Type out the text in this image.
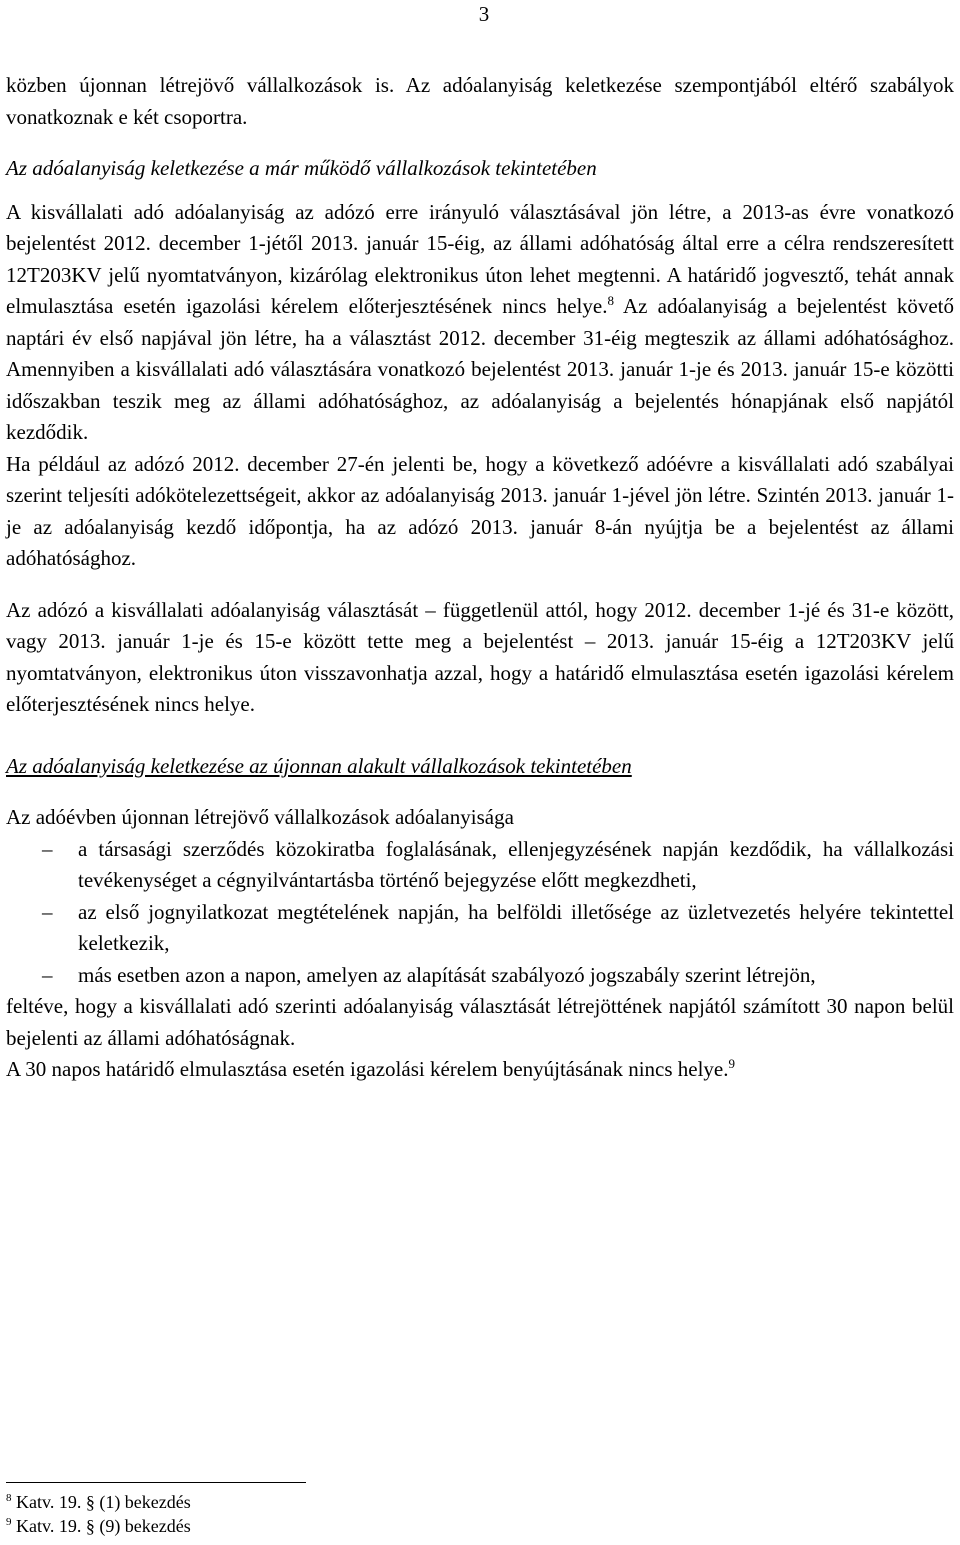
3

közben újonnan létrejövő vállalkozások is. Az adóalanyiság keletkezése szempontjából eltérő szabályok vonatkoznak e két csoportra.

Az adóalanyiság keletkezése a már működő vállalkozások tekintetében

A kisvállalati adó adóalanyiság az adózó erre irányuló választásával jön létre, a 2013-as évre vonatkozó bejelentést 2012. december 1-jétől 2013. január 15-éig, az állami adóhatóság által erre a célra rendszeresített 12T203KV jelű nyomtatványon, kizárólag elektronikus úton lehet megtenni. A határidő jogvesztő, tehát annak elmulasztása esetén igazolási kérelem előterjesztésének nincs helye.$^8$ Az adóalanyiság a bejelentést követő naptári év első napjával jön létre, ha a választást 2012. december 31-éig megteszik az állami adóhatósághoz. Amennyiben a kisvállalati adó választására vonatkozó bejelentést 2013. január 1-je és 2013. január 15-e közötti időszakban teszik meg az állami adóhatósághoz, az adóalanyiság a bejelentés hónapjának első napjától kezdődik.

Ha például az adózó 2012. december 27-én jelenti be, hogy a következő adóévre a kisvállalati adó szabályai szerint teljesíti adókötelezettségeit, akkor az adóalanyiság 2013. január 1-jével jön létre. Szintén 2013. január 1-je az adóalanyiság kezdő időpontja, ha az adózó 2013. január 8-án nyújtja be a bejelentést az állami adóhatósághoz.

Az adózó a kisvállalati adóalanyiság választását – függetlenül attól, hogy 2012. december 1-jé és 31-e között, vagy 2013. január 1-je és 15-e között tette meg a bejelentést – 2013. január 15-éig a 12T203KV jelű nyomtatványon, elektronikus úton visszavonhatja azzal, hogy a határidő elmulasztása esetén igazolási kérelem előterjesztésének nincs helye.

Az adóalanyiság keletkezése az újonnan alakult vállalkozások tekintetében

Az adóévben újonnan létrejövő vállalkozások adóalanyisága

– a társasági szerződés közokiratba foglalásának, ellenjegyzésének napján kezdődik, ha vállalkozási tevékenységet a cégnyilvántartásba történő bejegyzése előtt megkezdheti,
– az első jognyilatkozat megtételének napján, ha belföldi illetősége az üzletvezetés helyére tekintettel keletkezik,
– más esetben azon a napon, amelyen az alapítását szabályozó jogszabály szerint létrejön,

feltéve, hogy a kisvállalati adó szerinti adóalanyiság választását létrejöttének napjától számított 30 napon belül bejelenti az állami adóhatóságnak.

A 30 napos határidő elmulasztása esetén igazolási kérelem benyújtásának nincs helye.$^9$

$^8$ Katv. 19. § (1) bekezdés
$^9$ Katv. 19. § (9) bekezdés
